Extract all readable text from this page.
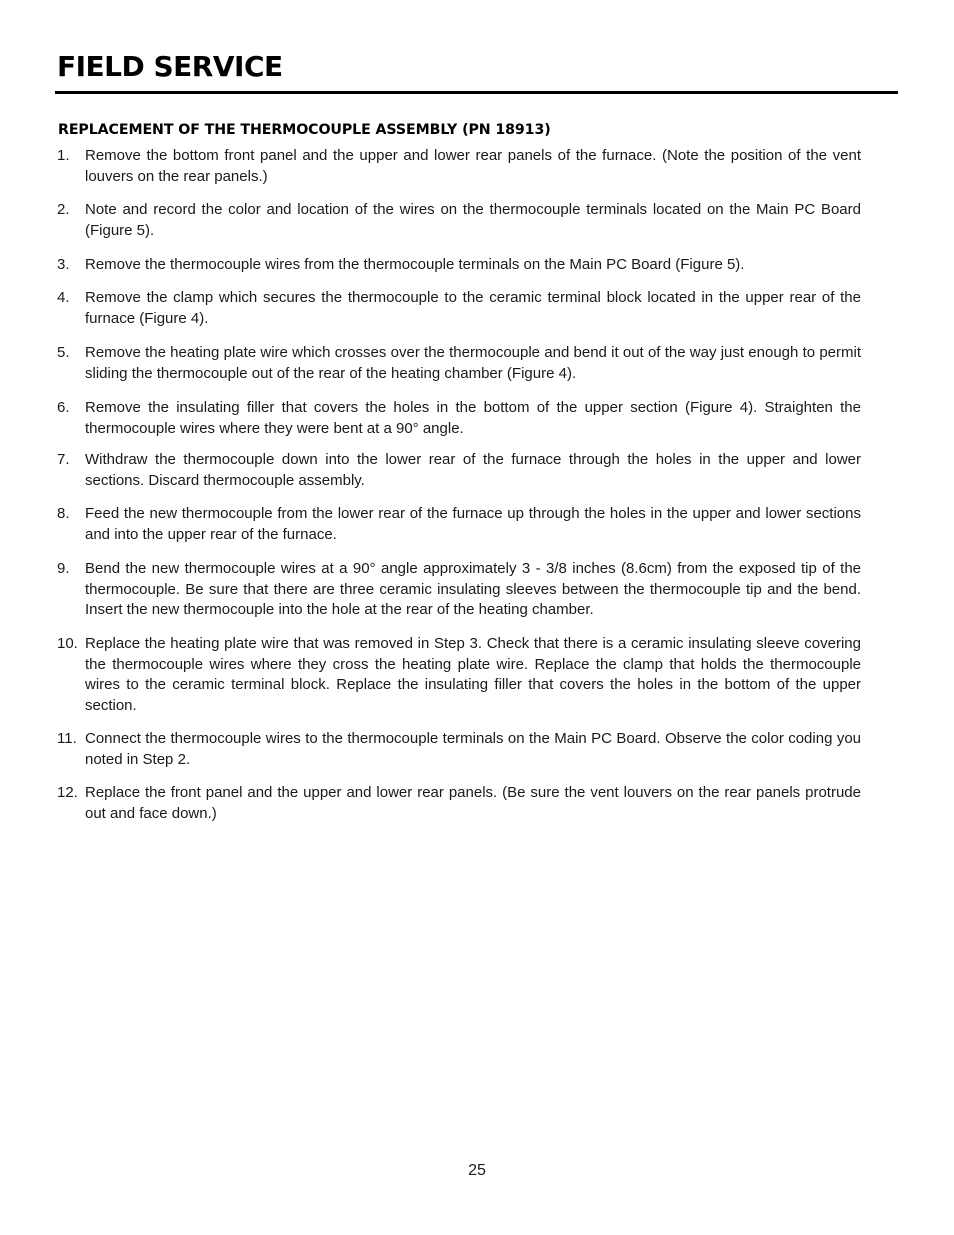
FIELD SERVICE
REPLACEMENT OF THE THERMOCOUPLE ASSEMBLY (PN 18913)
1. Remove the bottom front panel and the upper and lower rear panels of the furnace. (Note the position of the vent louvers on the rear panels.)
2. Note and record the color and location of the wires on the thermocouple terminals located on the Main PC Board (Figure 5).
3. Remove the thermocouple wires from the thermocouple terminals on the Main PC Board (Figure 5).
4. Remove the clamp which secures the thermocouple to the ceramic terminal block located in the upper rear of the furnace (Figure 4).
5. Remove the heating plate wire which crosses over the thermocouple and bend it out of the way just enough to permit sliding the thermocouple out of the rear of the heating chamber (Figure 4).
6. Remove the insulating filler that covers the holes in the bottom of the upper section (Figure 4). Straighten the thermocouple wires where they were bent at a 90° angle.
7. Withdraw the thermocouple down into the lower rear of the furnace through the holes in the upper and lower sections. Discard thermocouple assembly.
8. Feed the new thermocouple from the lower rear of the furnace up through the holes in the upper and lower sections and into the upper rear of the furnace.
9. Bend the new thermocouple wires at a 90° angle approximately 3 - 3/8 inches (8.6cm) from the exposed tip of the thermocouple. Be sure that there are three ceramic insulating sleeves between the thermocouple tip and the bend. Insert the new thermocouple into the hole at the rear of the heating chamber.
10. Replace the heating plate wire that was removed in Step 3. Check that there is a ceramic insulating sleeve covering the thermocouple wires where they cross the heating plate wire. Replace the clamp that holds the thermocouple wires to the ceramic terminal block. Replace the insulating filler that covers the holes in the bottom of the upper section.
11. Connect the thermocouple wires to the thermocouple terminals on the Main PC Board. Observe the color coding you noted in Step 2.
12. Replace the front panel and the upper and lower rear panels. (Be sure the vent louvers on the rear panels protrude out and face down.)
25
